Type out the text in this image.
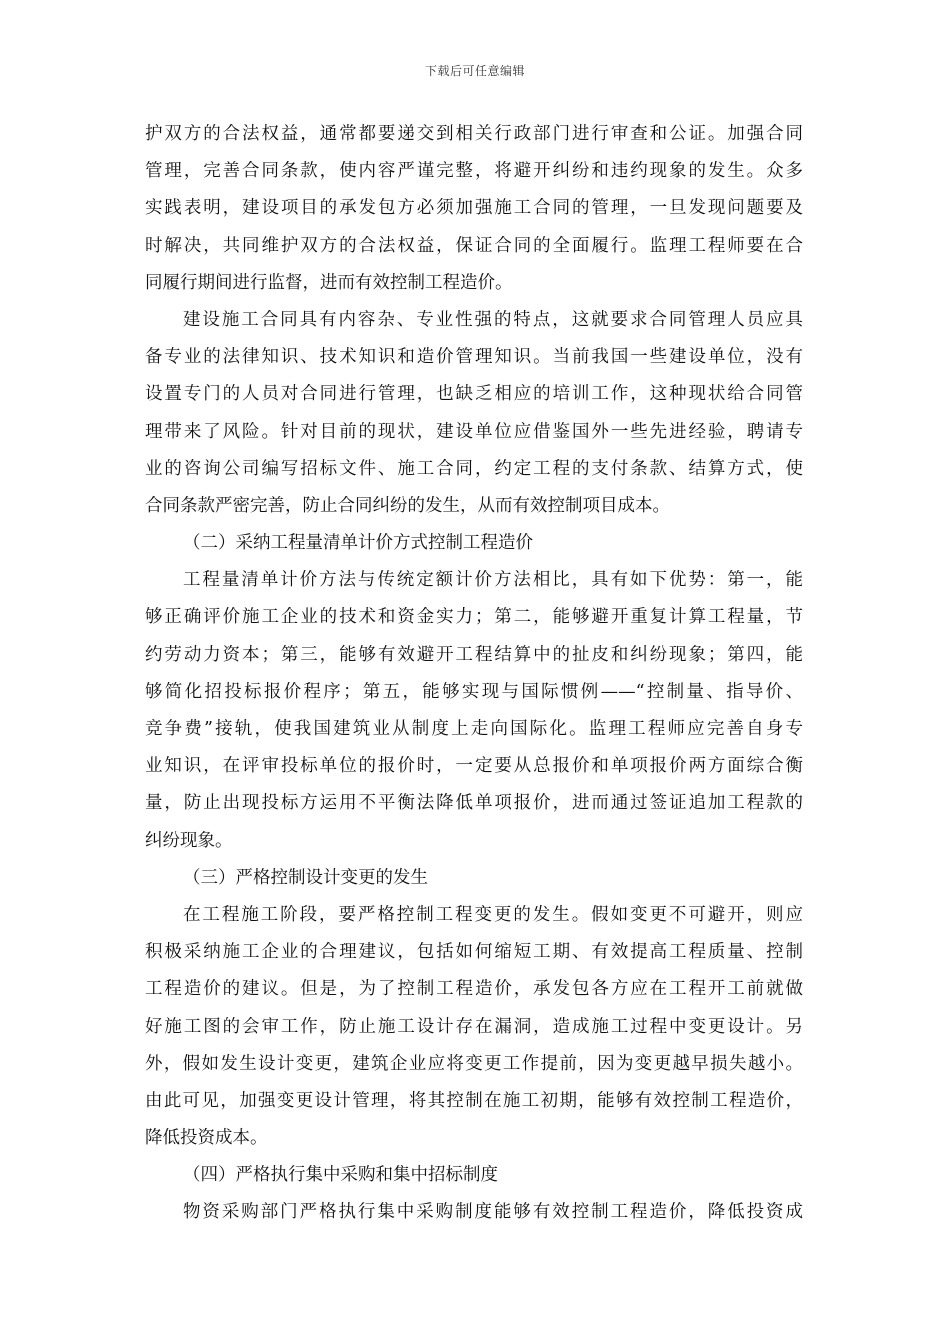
下载后可任意编辑
护双方的合法权益，通常都要递交到相关行政部门进行审查和公证。加强合同
管理，完善合同条款，使内容严谨完整，将避开纠纷和违约现象的发生。众多
实践表明，建设项目的承发包方必须加强施工合同的管理，一旦发现问题要及
时解决，共同维护双方的合法权益，保证合同的全面履行。监理工程师要在合
同履行期间进行监督，进而有效控制工程造价。
建设施工合同具有内容杂、专业性强的特点，这就要求合同管理人员应具
备专业的法律知识、技术知识和造价管理知识。当前我国一些建设单位，没有
设置专门的人员对合同进行管理，也缺乏相应的培训工作，这种现状给合同管
理带来了风险。针对目前的现状，建设单位应借鉴国外一些先进经验，聘请专
业的咨询公司编写招标文件、施工合同，约定工程的支付条款、结算方式，使
合同条款严密完善，防止合同纠纷的发生，从而有效控制项目成本。
（二）采纳工程量清单计价方式控制工程造价
工程量清单计价方法与传统定额计价方法相比，具有如下优势：第一，能
够正确评价施工企业的技术和资金实力；第二，能够避开重复计算工程量，节
约劳动力资本；第三，能够有效避开工程结算中的扯皮和纠纷现象；第四，能
够简化招投标报价程序；第五，能够实现与国际惯例——“控制量、指导价、
竞争费”接轨，使我国建筑业从制度上走向国际化。监理工程师应完善自身专
业知识，在评审投标单位的报价时，一定要从总报价和单项报价两方面综合衡
量，防止出现投标方运用不平衡法降低单项报价，进而通过签证追加工程款的
纠纷现象。
（三）严格控制设计变更的发生
在工程施工阶段，要严格控制工程变更的发生。假如变更不可避开，则应
积极采纳施工企业的合理建议，包括如何缩短工期、有效提高工程质量、控制
工程造价的建议。但是，为了控制工程造价，承发包各方应在工程开工前就做
好施工图的会审工作，防止施工设计存在漏洞，造成施工过程中变更设计。另
外，假如发生设计变更，建筑企业应将变更工作提前，因为变更越早损失越小。
由此可见，加强变更设计管理，将其控制在施工初期，能够有效控制工程造价，
降低投资成本。
（四）严格执行集中采购和集中招标制度
物资采购部门严格执行集中采购制度能够有效控制工程造价，降低投资成
